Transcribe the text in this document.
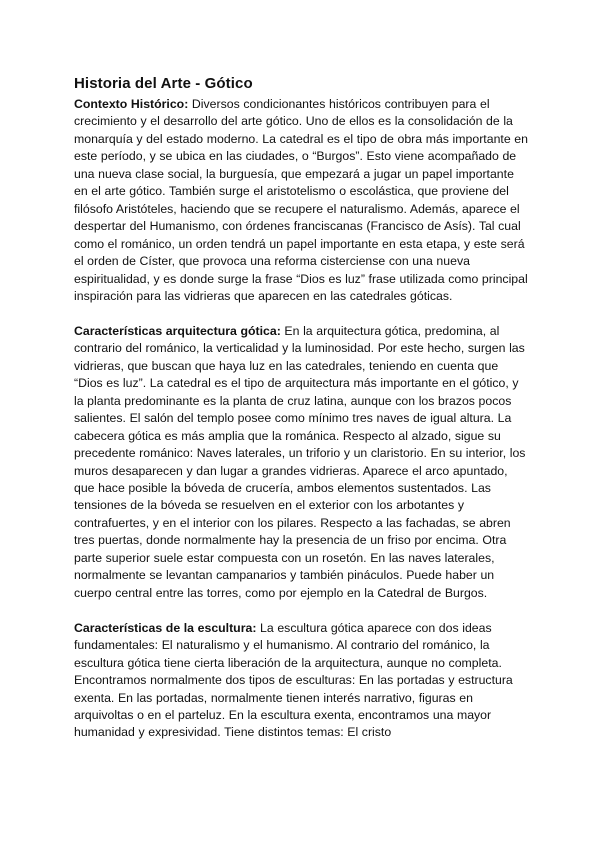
Historia del Arte - Gótico

Contexto Histórico: Diversos condicionantes históricos contribuyen para el crecimiento y el desarrollo del arte gótico. Uno de ellos es la consolidación de la monarquía y del estado moderno. La catedral es el tipo de obra más importante en este período, y se ubica en las ciudades, o “Burgos”. Esto viene acompañado de una nueva clase social, la burguesía, que empezará a jugar un papel importante en el arte gótico. También surge el aristotelismo o escolástica, que proviene del filósofo Aristóteles, haciendo que se recupere el naturalismo. Además, aparece el despertar del Humanismo, con órdenes franciscanas (Francisco de Asís). Tal cual como el románico, un orden tendrá un papel importante en esta etapa, y este será el orden de Císter, que provoca una reforma cisterciense con una nueva espiritualidad, y es donde surge la frase “Dios es luz” frase utilizada como principal inspiración para las vidrieras que aparecen en las catedrales góticas.

Características arquitectura gótica: En la arquitectura gótica, predomina, al contrario del románico, la verticalidad y la luminosidad. Por este hecho, surgen las vidrieras, que buscan que haya luz en las catedrales, teniendo en cuenta que “Dios es luz”. La catedral es el tipo de arquitectura más importante en el gótico, y la planta predominante es la planta de cruz latina, aunque con los brazos pocos salientes. El salón del templo posee como mínimo tres naves de igual altura. La cabecera gótica es más amplia que la románica. Respecto al alzado, sigue su precedente románico: Naves laterales, un triforio y un claristorio. En su interior, los muros desaparecen y dan lugar a grandes vidrieras. Aparece el arco apuntado, que hace posible la bóveda de crucería, ambos elementos sustentados. Las tensiones de la bóveda se resuelven en el exterior con los arbotantes y contrafuertes, y en el interior con los pilares. Respecto a las fachadas, se abren tres puertas, donde normalmente hay la presencia de un friso por encima. Otra parte superior suele estar compuesta con un rosetón. En las naves laterales, normalmente se levantan campanarios y también pináculos. Puede haber un cuerpo central entre las torres, como por ejemplo en la Catedral de Burgos.

Características de la escultura: La escultura gótica aparece con dos ideas fundamentales: El naturalismo y el humanismo. Al contrario del románico, la escultura gótica tiene cierta liberación de la arquitectura, aunque no completa. Encontramos normalmente dos tipos de esculturas: En las portadas y estructura exenta. En las portadas, normalmente tienen interés narrativo, figuras en arquivoltas o en el parteluz. En la escultura exenta, encontramos una mayor humanidad y expresividad. Tiene distintos temas: El cristo
